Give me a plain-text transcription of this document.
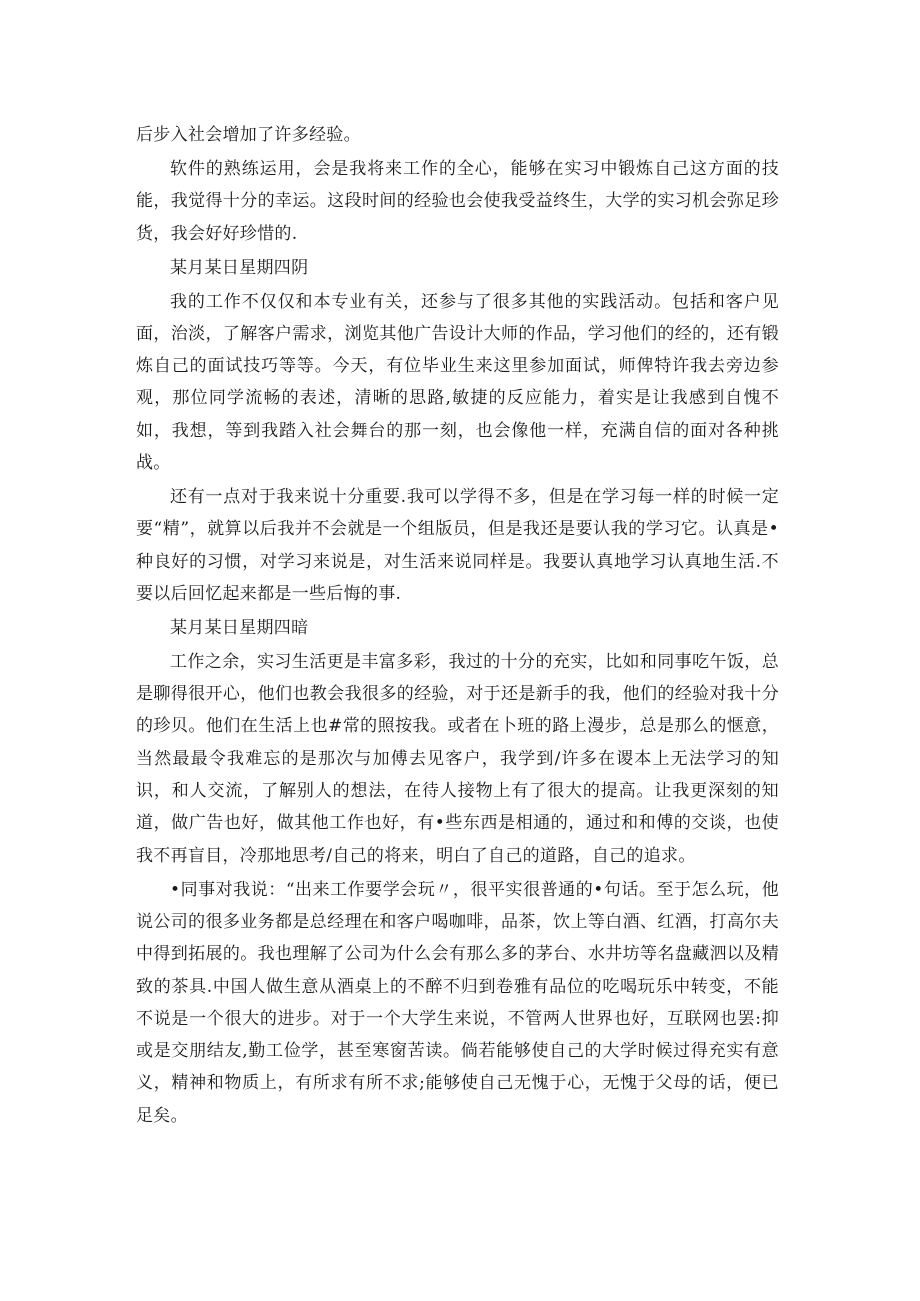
后步入社会增加了许多经验。

软件的熟练运用，会是我将来工作的全心，能够在实习中锻炼自己这方面的技能，我觉得十分的幸运。这段时间的经验也会使我受益终生，大学的实习机会弥足珍货，我会好好珍惜的.

某月某日星期四阴

我的工作不仅仅和本专业有关，还参与了很多其他的实践活动。包括和客户见面，治淡，了解客户需求，浏览其他广告设计大师的作品，学习他们的经的，还有锻炼自己的面试技巧等等。今天，有位毕业生来这里参加面试，师俾特许我去旁边参观，那位同学流畅的表述，清晰的思路,敏捷的反应能力，着实是让我感到自愧不如，我想，等到我踏入社会舞台的那一刻，也会像他一样，充满自信的面对各种挑战。

还有一点对于我来说十分重要.我可以学得不多，但是在学习每一样的时候一定要“精”，就算以后我并不会就是一个组版员，但是我还是要认我的学习它。认真是•种良好的习惯，对学习来说是，对生活来说同样是。我要认真地学习认真地生活.不要以后回忆起来都是一些后悔的事.

某月某日星期四暗

工作之余，实习生活更是丰富多彩，我过的十分的充实，比如和同事吃午饭，总是聊得很开心，他们也教会我很多的经验，对于还是新手的我，他们的经验对我十分的珍贝。他们在生活上也#常的照按我。或者在卜班的路上漫步，总是那么的惬意，当然最最令我难忘的是那次与加傅去见客户，我学到/许多在谡本上无法学习的知识，和人交流，了解别人的想法，在待人接物上有了很大的提高。让我更深刻的知道，做广告也好，做其他工作也好，有•些东西是相通的，通过和和傅的交谈，也使我不再盲目，冷那地思考/自己的将来，明白了自己的道路，自己的追求。

•同事对我说：“出来工作要学会玩〃，很平实很普通的•句话。至于怎么玩，他说公司的很多业务都是总经理在和客户喝咖啡，品茶，饮上等白酒、红酒，打高尔夫中得到拓展的。我也理解了公司为什么会有那么多的茅台、水井坊等名盘藏泗以及精致的茶具.中国人做生意从酒桌上的不醉不归到卷雅有品位的吃喝玩乐中转变，不能不说是一个很大的进步。对于一个大学生来说，不管两人世界也好，互联网也罢:抑或是交朋结友,勤工俭学，甚至寒窗苦读。倘若能够使自己的大学时候过得充实有意义，精神和物质上，有所求有所不求;能够使自己无愧于心，无愧于父母的话，便已足矣。
